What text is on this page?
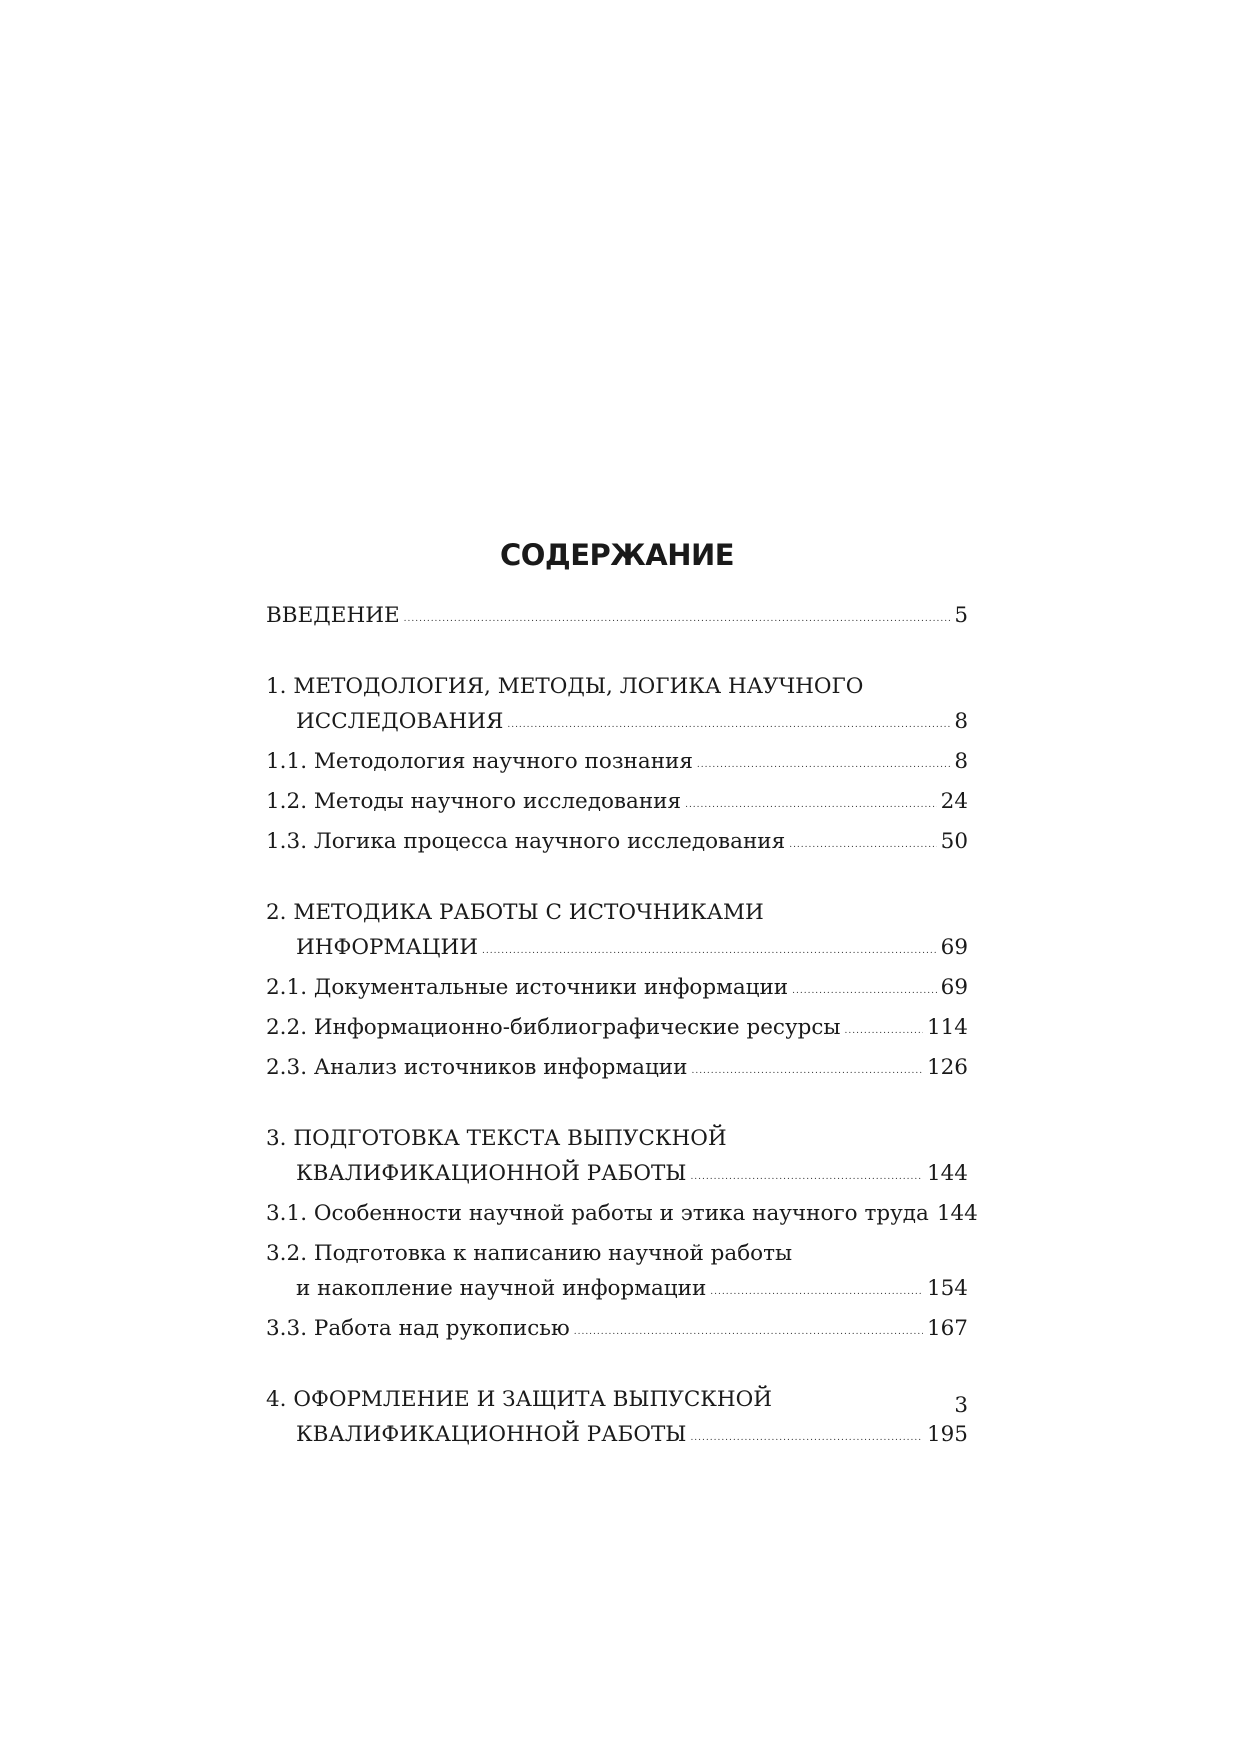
СОДЕРЖАНИЕ
ВВЕДЕНИЕ .....	5
1. МЕТОДОЛОГИЯ, МЕТОДЫ, ЛОГИКА НАУЧНОГО
ИССЛЕДОВАНИЯ .....	8
1.1. Методология научного познания .....	8
1.2. Методы научного исследования .....	24
1.3. Логика процесса научного исследования .....	50
2. МЕТОДИКА РАБОТЫ С ИСТОЧНИКАМИ
ИНФОРМАЦИИ .....	69
2.1. Документальные источники информации .....	69
2.2. Информационно-библиографические ресурсы .....	114
2.3. Анализ источников информации .....	126
3. ПОДГОТОВКА ТЕКСТА ВЫПУСКНОЙ
КВАЛИФИКАЦИОННОЙ РАБОТЫ .....	144
3.1. Особенности научной работы и этика научного труда 144
3.2. Подготовка к написанию научной работы
и накопление научной информации .....	154
3.3. Работа над рукописью .....	167
4. ОФОРМЛЕНИЕ И ЗАЩИТА ВЫПУСКНОЙ
КВАЛИФИКАЦИОННОЙ РАБОТЫ .....	195
3
